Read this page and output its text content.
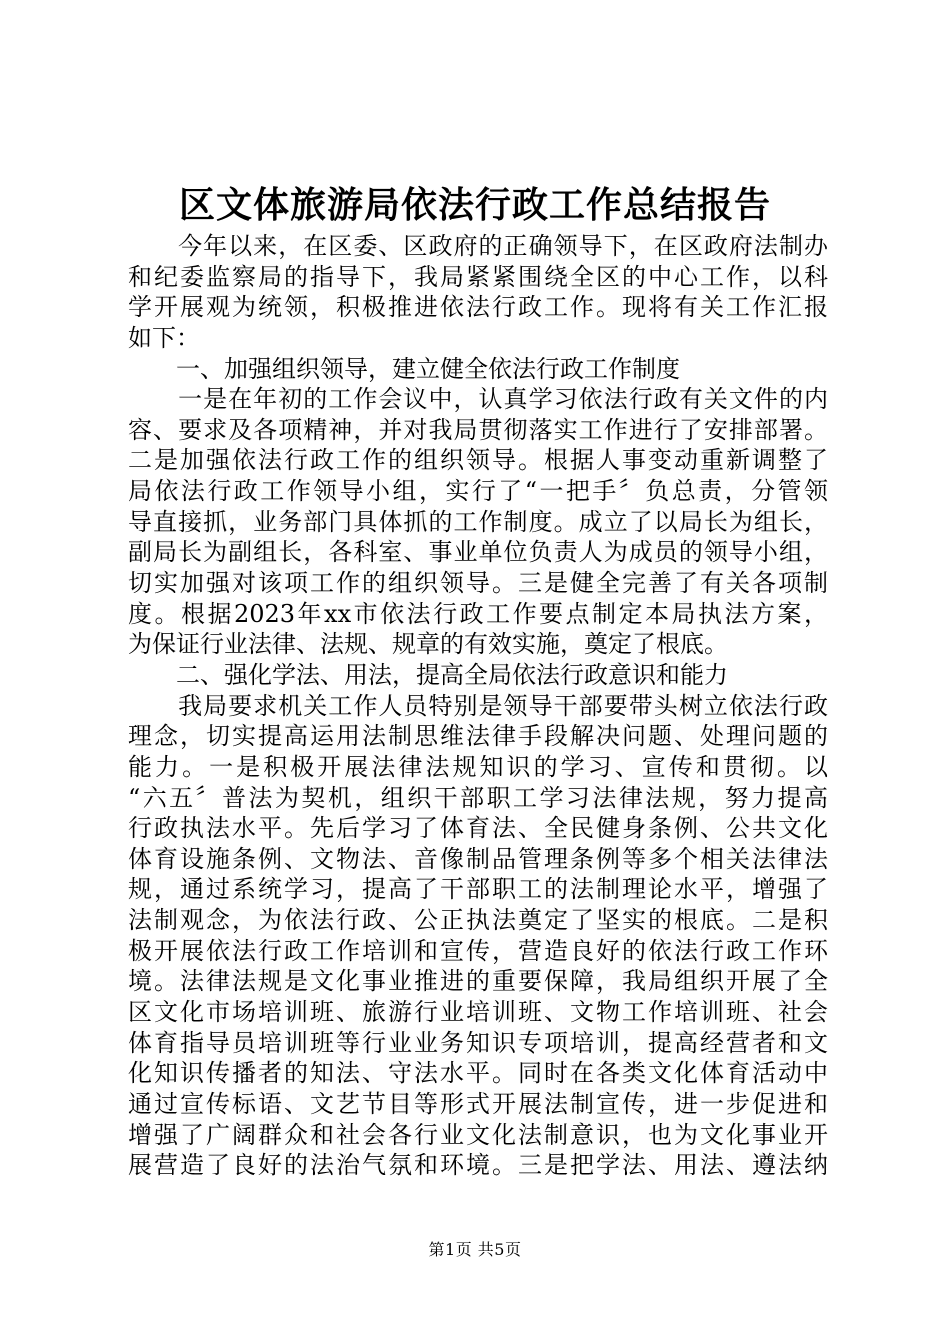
区文体旅游局依法行政工作总结报告
　　今年以来，在区委、区政府的正确领导下，在区政府法制办
和纪委监察局的指导下，我局紧紧围绕全区的中心工作，以科
学开展观为统领，积极推进依法行政工作。现将有关工作汇报
如下：
　　一、加强组织领导，建立健全依法行政工作制度
　　一是在年初的工作会议中，认真学习依法行政有关文件的内
容、要求及各项精神，并对我局贯彻落实工作进行了安排部署。
二是加强依法行政工作的组织领导。根据人事变动重新调整了
局依法行政工作领导小组，实行了“一把手〞负总责，分管领
导直接抓，业务部门具体抓的工作制度。成立了以局长为组长，
副局长为副组长，各科室、事业单位负责人为成员的领导小组，
切实加强对该项工作的组织领导。三是健全完善了有关各项制
度。根据2023年xx市依法行政工作要点制定本局执法方案，
为保证行业法律、法规、规章的有效实施，奠定了根底。
　　二、强化学法、用法，提高全局依法行政意识和能力
　　我局要求机关工作人员特别是领导干部要带头树立依法行政
理念，切实提高运用法制思维法律手段解决问题、处理问题的
能力。一是积极开展法律法规知识的学习、宣传和贯彻。以
“六五〞普法为契机，组织干部职工学习法律法规，努力提高
行政执法水平。先后学习了体育法、全民健身条例、公共文化
体育设施条例、文物法、音像制品管理条例等多个相关法律法
规，通过系统学习，提高了干部职工的法制理论水平，增强了
法制观念，为依法行政、公正执法奠定了坚实的根底。二是积
极开展依法行政工作培训和宣传，营造良好的依法行政工作环
境。法律法规是文化事业推进的重要保障，我局组织开展了全
区文化市场培训班、旅游行业培训班、文物工作培训班、社会
体育指导员培训班等行业业务知识专项培训，提高经营者和文
化知识传播者的知法、守法水平。同时在各类文化体育活动中
通过宣传标语、文艺节目等形式开展法制宣传，进一步促进和
增强了广阔群众和社会各行业文化法制意识，也为文化事业开
展营造了良好的法治气氛和环境。三是把学法、用法、遵法纳
第1页 共5页
